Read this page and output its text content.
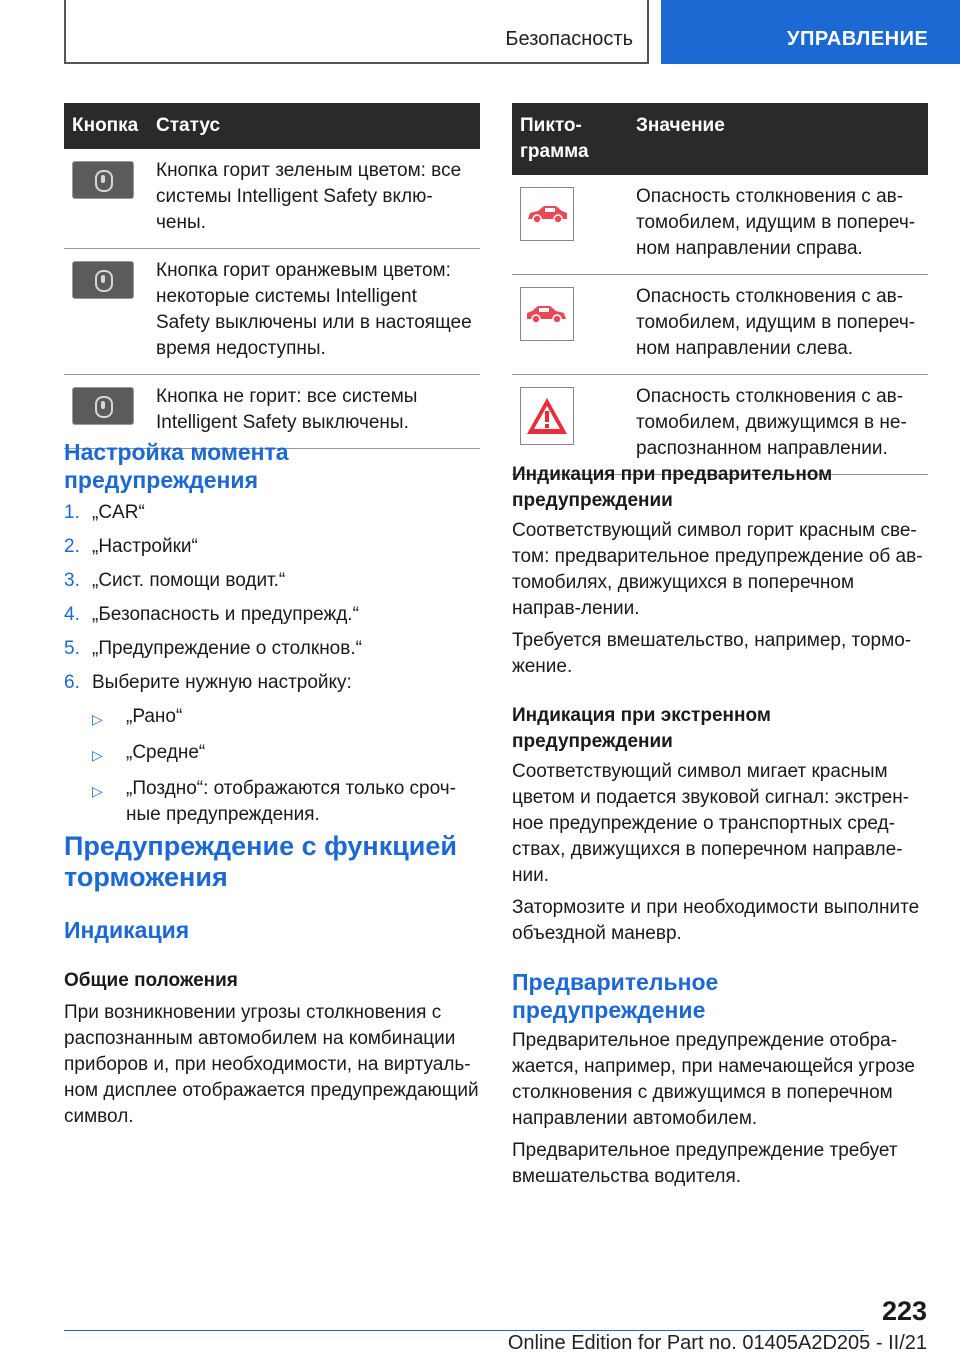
Безопасность	УПРАВЛЕНИЕ
Кнопка	Статус

	Кнопка горит зеленым цветом: все системы Intelligent Safety вклю-чены.

	Кнопка горит оранжевым цветом: некоторые системы Intelligent Safety выключены или в настоящее время недоступны.

	Кнопка не горит: все системы Intelligent Safety выключены.
Настройка момента предупреждения
1. „CAR“
2. „Настройки“
3. „Сист. помощи водит.“
4. „Безопасность и предупрежд.“
5. „Предупреждение о столкнов.“
6. Выберите нужную настройку:
▷	„Рано“
▷	„Средне“
▷	„Поздно“: отображаются только сроч-ные предупреждения.
Предупреждение с функцией торможения
Индикация
Общие положения
При возникновении угрозы столкновения с распознанным автомобилем на комбинации приборов и, при необходимости, на виртуаль-ном дисплее отображается предупреждающий символ.
Пикто-грамма	Значение

	Опасность столкновения с ав-томобилем, идущим в попереч-ном направлении справа.

	Опасность столкновения с ав-томобилем, идущим в попереч-ном направлении слева.

	Опасность столкновения с ав-томобилем, движущимся в не-распознанном направлении.
Индикация при предварительном предупреждении
Соответствующий символ горит красным све-том: предварительное предупреждение об ав-томобилях, движущихся в поперечном направ-лении.
Требуется вмешательство, например, тормо-жение.
Индикация при экстренном предупреждении
Соответствующий символ мигает красным цветом и подается звуковой сигнал: экстрен-ное предупреждение о транспортных сред-ствах, движущихся в поперечном направле-нии.
Затормозите и при необходимости выполните объездной маневр.
Предварительное предупреждение
Предварительное предупреждение отобра-жается, например, при намечающейся угрозе столкновения с движущимся в поперечном направлении автомобилем.
Предварительное предупреждение требует вмешательства водителя.
223
Online Edition for Part no. 01405A2D205 - II/21
